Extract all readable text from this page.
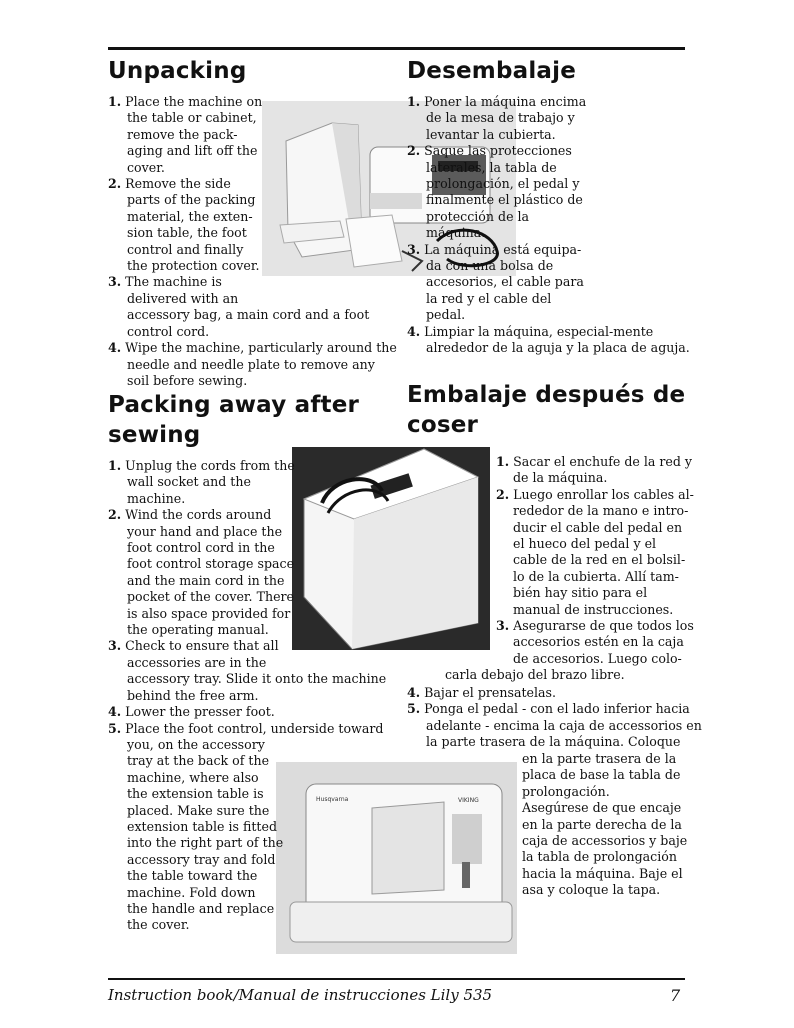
Unpacking	Desembalaje
Packing away after
sewing
Embalaje después de
coser
Husqvarna	VIKING
1. Place the machine on
the table or cabinet,
remove the pack-
aging and lift off the
cover.
2. Remove the side
parts of the packing
material, the exten-
sion table, the foot
control and finally
the protection cover.
3. The machine is
delivered with an
accessory bag, a main cord and a foot
control cord.
4. Wipe the machine, particularly around the
needle and needle plate to remove any
soil before sewing.
1. Poner la máquina encima
de la mesa de trabajo y
levantar la cubierta.
2. Saque las protecciones
laterales, la tabla de
prolongación, el pedal y
finalmente el plástico de
protección de la
máquina.
3. La máquina está equipa-
da con una bolsa de
accesorios, el cable para
la red y el cable del
pedal.
4. Limpiar la máquina, especial-mente
alrededor de la aguja y la placa de aguja.
1. Unplug the cords from the
wall socket and the
machine.
2. Wind the cords around
your hand and place the
foot control cord in the
foot control storage space
and the main cord in the
pocket of the cover. There
is also space provided for
the operating manual.
3. Check to ensure that all
accessories are in the
accessory tray. Slide it onto the machine
behind the free arm.
4. Lower the presser foot.
5. Place the foot control, underside toward
you, on the accessory
tray at the back of the
machine, where also
the extension table is
placed. Make sure the
extension table is fitted
into the right part of the
accessory tray and fold
the table toward the
machine. Fold down
the handle and replace
the cover.
1. Sacar el enchufe de la red y
de la máquina.
2. Luego enrollar los cables al-
rededor de la mano e intro-
ducir el cable del pedal en
el hueco del pedal y el
cable de la red en el bolsil-
lo de la cubierta. Allí tam-
bién hay sitio para el
manual de instrucciones.
3. Asegurarse de que todos los
accesorios estén en la caja
de accesorios. Luego colo-
carla debajo del brazo libre.
4. Bajar el prensatelas.
5. Ponga el pedal - con el lado inferior hacia
adelante - encima la caja de accessorios en
la parte trasera de la máquina. Coloque
en la parte trasera de la
placa de base la tabla de
prolongación.
Asegúrese de que encaje
en la parte derecha de la
caja de accessorios y baje
la tabla de prolongación
hacia la máquina. Baje el
asa y coloque la tapa.
Instruction book/Manual de instrucciones Lily 535	7
